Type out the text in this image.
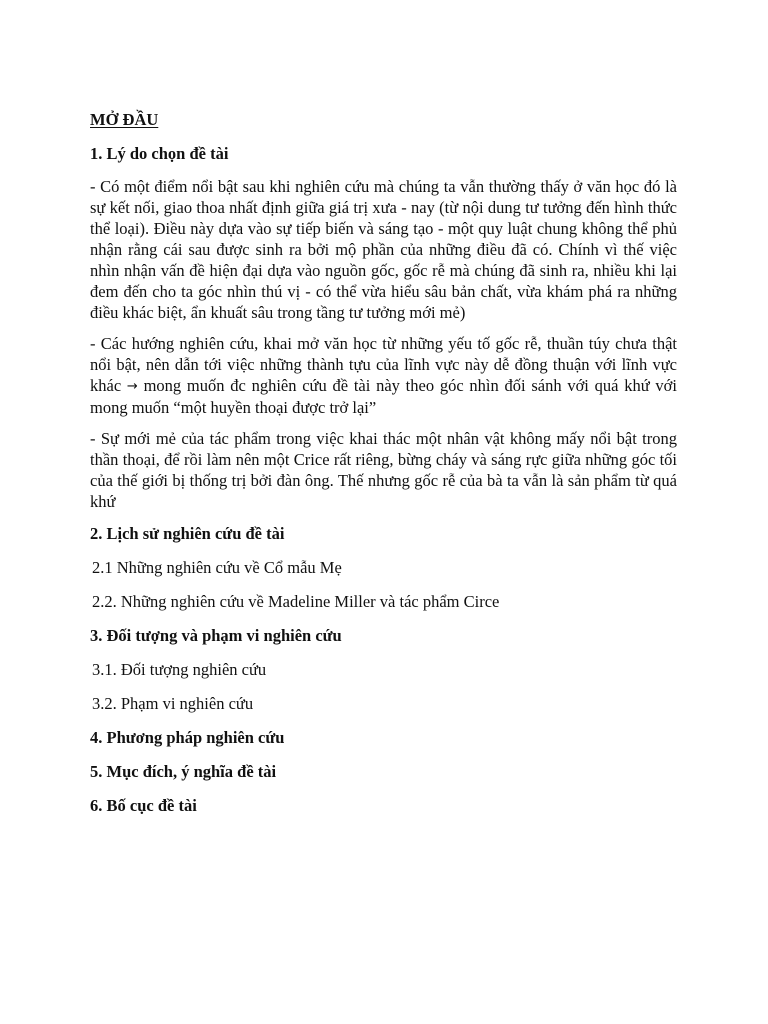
MỞ ĐẦU
1. Lý do chọn đề tài
- Có một điểm nổi bật sau khi nghiên cứu mà chúng ta vẫn thường thấy ở văn học đó là sự kết nối, giao thoa nhất định giữa giá trị xưa - nay (từ nội dung tư tưởng đến hình thức thể loại). Điều này dựa vào sự tiếp biến và sáng tạo - một quy luật chung không thể phủ nhận rằng cái sau được sinh ra bởi mộ phần của những điều đã có. Chính vì thế việc nhìn nhận vấn đề hiện đại dựa vào nguồn gốc, gốc rễ mà chúng đã sinh ra, nhiều khi lại đem đến cho ta góc nhìn thú vị - có thể vừa hiểu sâu bản chất, vừa khám phá ra những điều khác biệt, ẩn khuất sâu trong tầng tư tưởng mới mẻ)
- Các hướng nghiên cứu, khai mở văn học từ những yếu tố gốc rễ, thuần túy chưa thật nổi bật, nên dẫn tới việc những thành tựu của lĩnh vực này dễ đồng thuận với lĩnh vực khác → mong muốn đc nghiên cứu đề tài này theo góc nhìn đối sánh với quá khứ với mong muốn “một huyền thoại được trở lại”
- Sự mới mẻ của tác phẩm trong việc khai thác một nhân vật không mấy nổi bật trong thần thoại, để rồi làm nên một Crice rất riêng, bừng cháy và sáng rực giữa những góc tối của thế giới bị thống trị bởi đàn ông. Thế nhưng gốc rễ của bà ta vẫn là sản phẩm từ quá khứ
2. Lịch sử nghiên cứu đề tài
2.1 Những nghiên cứu về Cổ mẫu Mẹ
2.2. Những nghiên cứu về Madeline Miller và tác phẩm Circe
3. Đối tượng và phạm vi nghiên cứu
3.1. Đối tượng nghiên cứu
3.2. Phạm vi nghiên cứu
4. Phương pháp nghiên cứu
5. Mục đích, ý nghĩa đề tài
6. Bố cục đề tài
